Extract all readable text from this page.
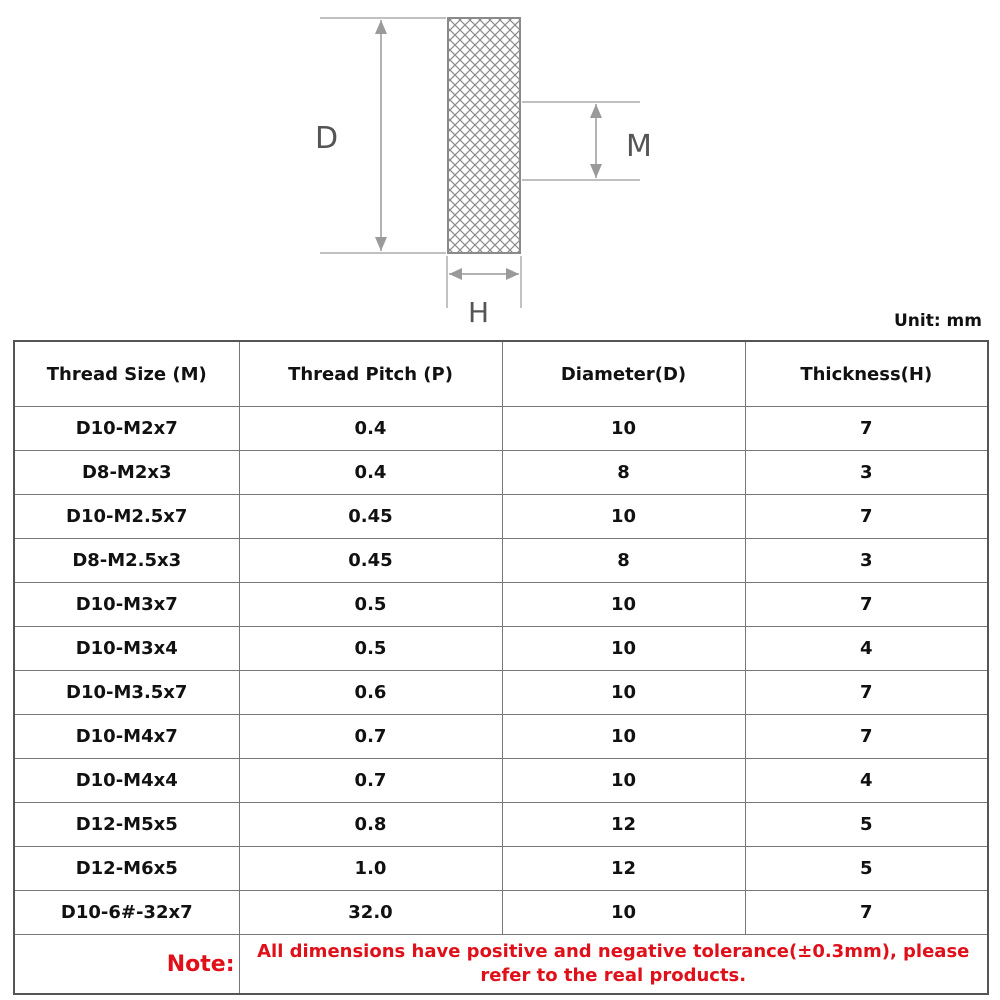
D	M
H	Unit: mm
Thread Size (M)	Thread Pitch (P)	Diameter(D)	Thickness(H)
D10-M2x7	0.4	10	7
D8-M2x3	0.4	8	3
D10-M2.5x7	0.45	10	7
D8-M2.5x3	0.45	8	3
D10-M3x7	0.5	10	7
D10-M3x4	0.5	10	4
D10-M3.5x7	0.6	10	7
D10-M4x7	0.7	10	7
D10-M4x4	0.7	10	4
D12-M5x5	0.8	12	5
D12-M6x5	1.0	12	5
D10-6#-32x7	32.0	10	7
Note:	All dimensions have positive and negative tolerance(±0.3mm), please refer to the real products.		
